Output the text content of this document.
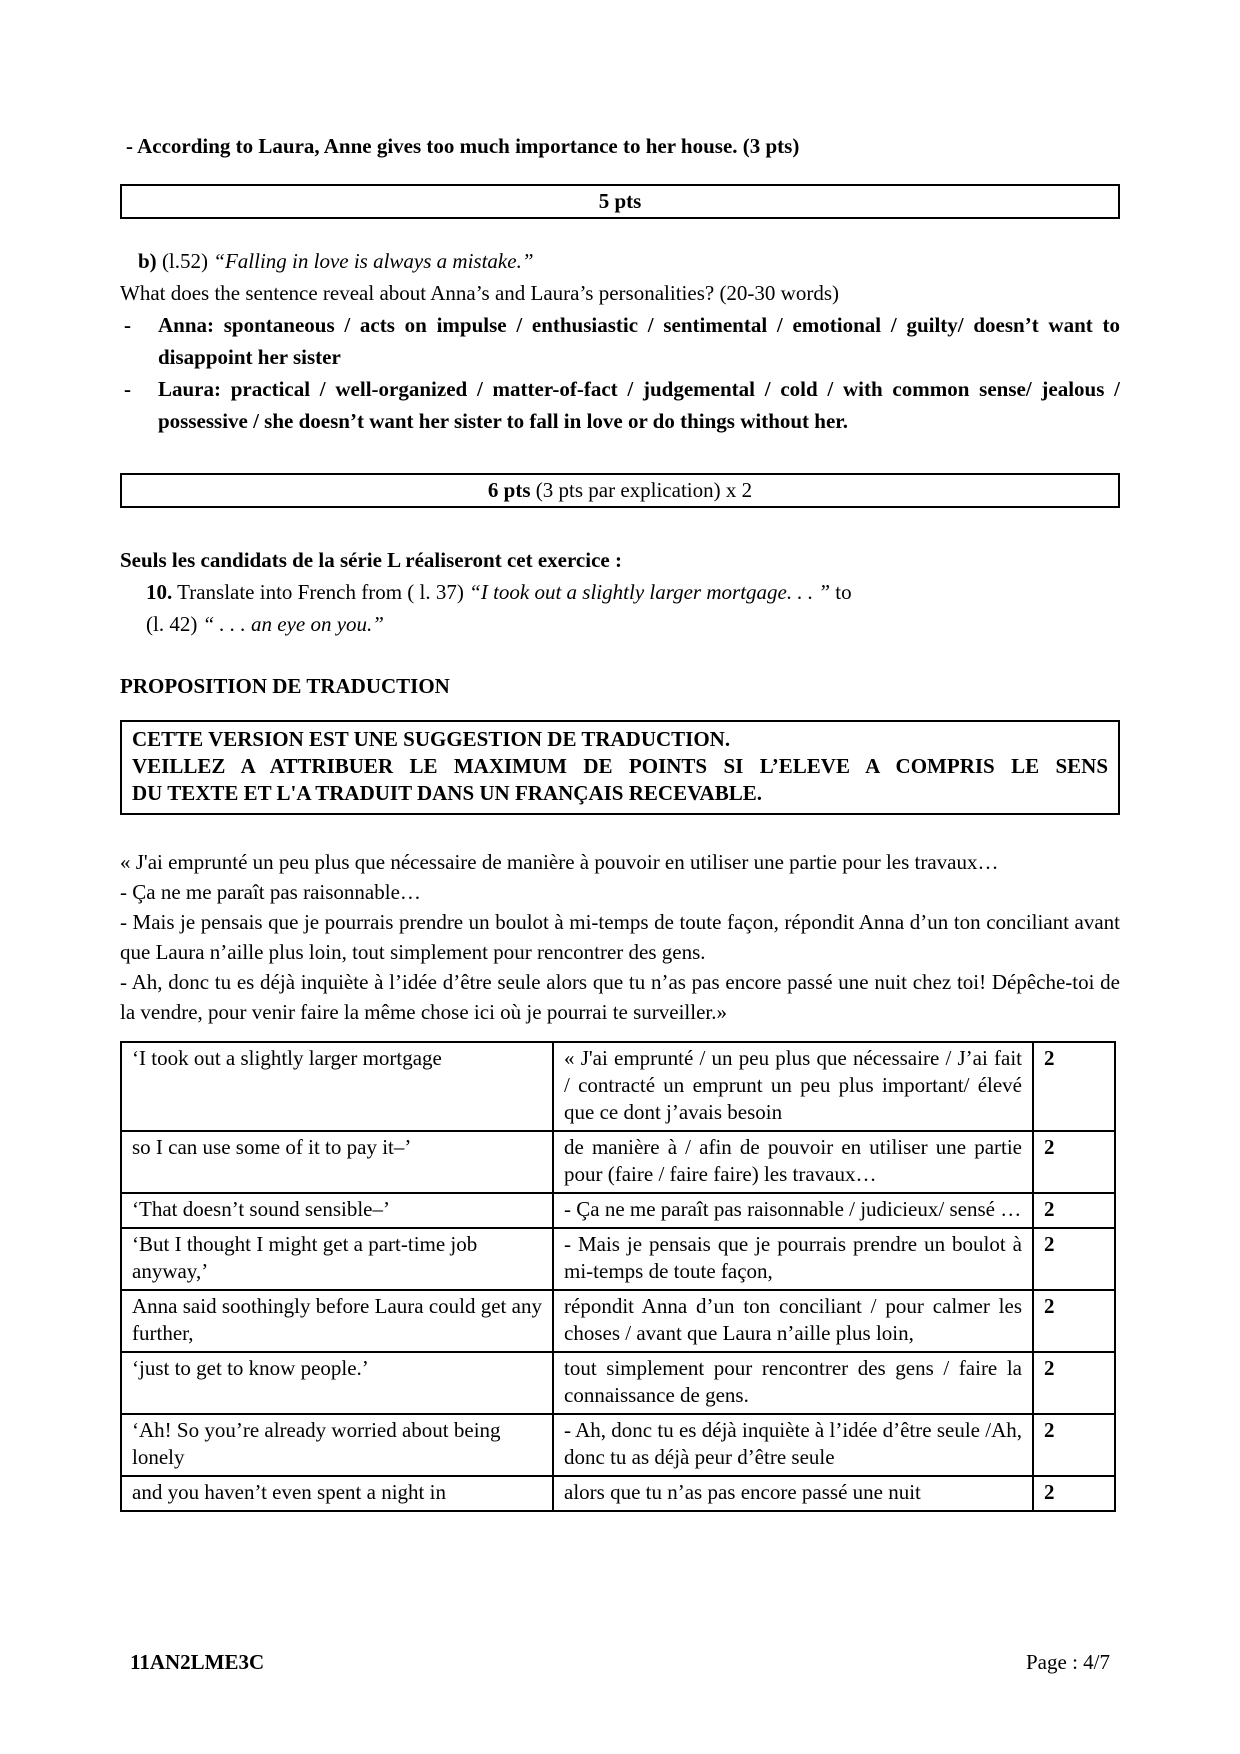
- According to Laura, Anne gives too much importance to her house. (3 pts)

5 pts

b) (l.52) “Falling in love is always a mistake.”

What does the sentence reveal about Anna’s and Laura’s personalities? (20-30 words)

-	Anna: spontaneous / acts on impulse / enthusiastic / sentimental / emotional / guilty/ doesn’t want to disappoint her sister
-	Laura: practical / well-organized / matter-of-fact / judgemental / cold / with common sense/ jealous / possessive / she doesn’t want her sister to fall in love or do things without her.
6 pts (3 pts par explication) x 2

Seuls les candidats de la série L réaliseront cet exercice :

10. Translate into French from ( l. 37) “I took out a slightly larger mortgage. . . ” to

(l. 42) “ . . . an eye on you.”

PROPOSITION DE TRADUCTION

CETTE VERSION EST UNE SUGGESTION DE TRADUCTION.
VEILLEZ A ATTRIBUER LE MAXIMUM DE POINTS SI L’ELEVE A COMPRIS LE SENS
DU TEXTE ET L'A TRADUIT DANS UN FRANÇAIS RECEVABLE.

« J'ai emprunté un peu plus que nécessaire de manière à pouvoir en utiliser une partie pour les travaux…

- Ça ne me paraît pas raisonnable…

- Mais je pensais que je pourrais prendre un boulot à mi-temps de toute façon, répondit Anna d’un ton conciliant avant que Laura n’aille plus loin, tout simplement pour rencontrer des gens.

- Ah, donc tu es déjà inquiète à l’idée d’être seule alors que tu n’as pas encore passé une nuit chez toi! Dépêche-toi de la vendre, pour venir faire la même chose ici où je pourrai te surveiller.»

‘I took out a slightly larger mortgage	« J'ai emprunté / un peu plus que nécessaire / J’ai fait / contracté un emprunt un peu plus important/ élevé que ce dont j’avais besoin	2
so I can use some of it to pay it–’	de manière à / afin de pouvoir en utiliser une partie pour (faire / faire faire) les travaux…	2
‘That doesn’t sound sensible–’	- Ça ne me paraît pas raisonnable / judicieux/ sensé …	2
‘But I thought I might get a part-time job anyway,’	- Mais je pensais que je pourrais prendre un boulot à mi-temps de toute façon,	2
Anna said soothingly before Laura could get any further,	répondit Anna d’un ton conciliant / pour calmer les choses / avant que Laura n’aille plus loin,	2
‘just to get to know people.’	tout simplement pour rencontrer des gens / faire la connaissance de gens.	2
‘Ah! So you’re already worried about being lonely	- Ah, donc tu es déjà inquiète à l’idée d’être seule /Ah, donc tu as déjà peur d’être seule	2
and you haven’t even spent a night in	alors que tu n’as pas encore passé une nuit	2
11AN2LME3C	Page : 4/7
